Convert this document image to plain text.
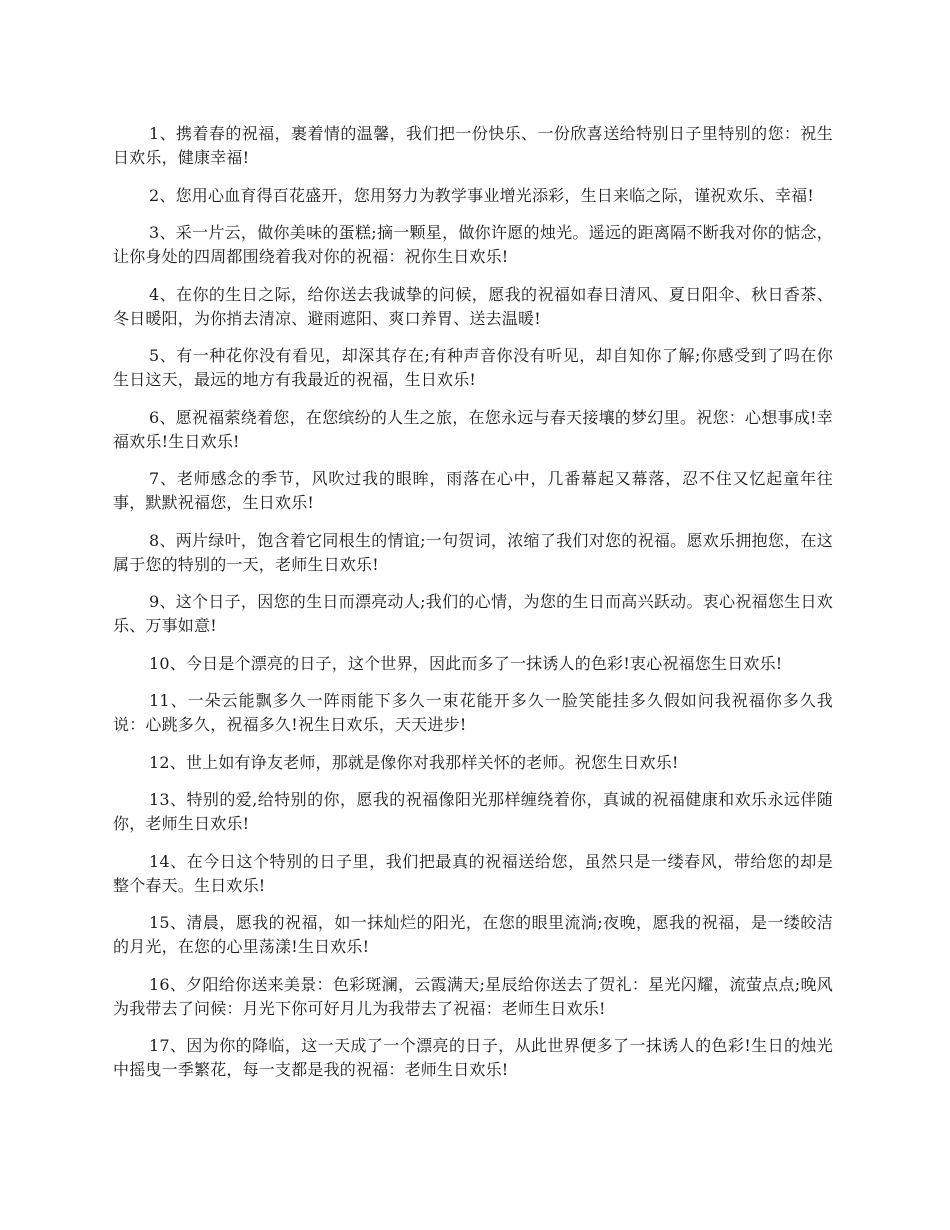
1、携着春的祝福，裹着情的温馨，我们把一份快乐、一份欣喜送给特别日子里特别的您：祝生日欢乐，健康幸福!

2、您用心血育得百花盛开，您用努力为教学事业增光添彩，生日来临之际，谨祝欢乐、幸福!

3、采一片云，做你美味的蛋糕;摘一颗星，做你许愿的烛光。遥远的距离隔不断我对你的惦念，让你身处的四周都围绕着我对你的祝福：祝你生日欢乐!

4、在你的生日之际，给你送去我诚挚的问候，愿我的祝福如春日清风、夏日阳伞、秋日香茶、冬日暖阳，为你捎去清凉、避雨遮阳、爽口养胃、送去温暖!

5、有一种花你没有看见，却深其存在;有种声音你没有听见，却自知你了解;你感受到了吗在你生日这天，最远的地方有我最近的祝福，生日欢乐!

6、愿祝福萦绕着您，在您缤纷的人生之旅，在您永远与春天接壤的梦幻里。祝您：心想事成!幸福欢乐!生日欢乐!

7、老师感念的季节，风吹过我的眼眸，雨落在心中，几番幕起又幕落，忍不住又忆起童年往事，默默祝福您，生日欢乐!

8、两片绿叶，饱含着它同根生的情谊;一句贺词，浓缩了我们对您的祝福。愿欢乐拥抱您，在这属于您的特别的一天，老师生日欢乐!

9、这个日子，因您的生日而漂亮动人;我们的心情，为您的生日而高兴跃动。衷心祝福您生日欢乐、万事如意!

10、今日是个漂亮的日子，这个世界，因此而多了一抹诱人的色彩!衷心祝福您生日欢乐!

11、一朵云能飘多久一阵雨能下多久一束花能开多久一脸笑能挂多久假如问我祝福你多久我说：心跳多久，祝福多久!祝生日欢乐，天天进步!

12、世上如有诤友老师，那就是像你对我那样关怀的老师。祝您生日欢乐!

13、特别的爱,给特别的你，愿我的祝福像阳光那样缠绕着你，真诚的祝福健康和欢乐永远伴随你，老师生日欢乐!

14、在今日这个特别的日子里，我们把最真的祝福送给您，虽然只是一缕春风，带给您的却是整个春天。生日欢乐!

15、清晨，愿我的祝福，如一抹灿烂的阳光，在您的眼里流淌;夜晚，愿我的祝福，是一缕皎洁的月光，在您的心里荡漾!生日欢乐!

16、夕阳给你送来美景：色彩斑澜，云霞满天;星辰给你送去了贺礼：星光闪耀，流萤点点;晚风为我带去了问候：月光下你可好月儿为我带去了祝福：老师生日欢乐!

17、因为你的降临，这一天成了一个漂亮的日子，从此世界便多了一抹诱人的色彩!生日的烛光中摇曳一季繁花，每一支都是我的祝福：老师生日欢乐!
